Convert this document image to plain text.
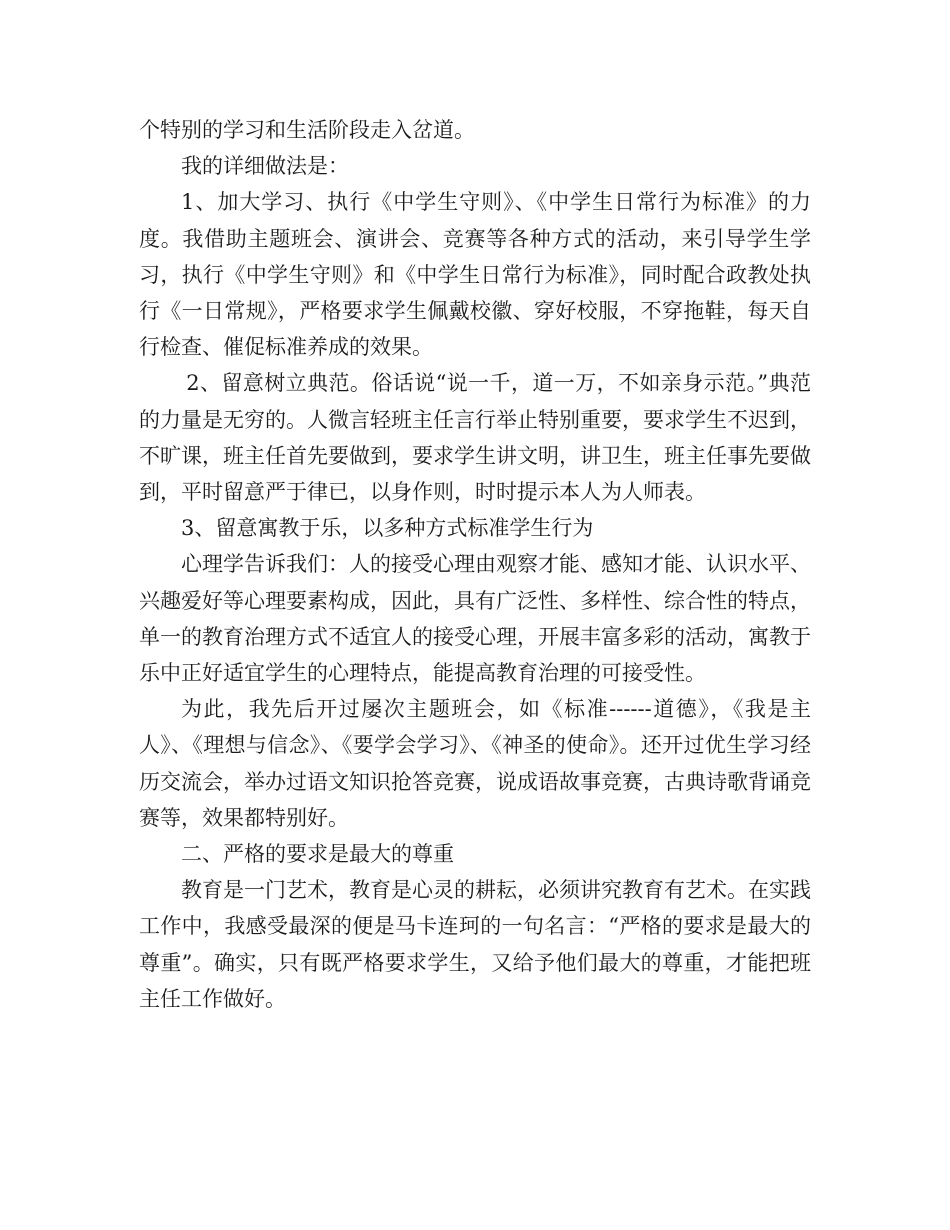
个特别的学习和生活阶段走入岔道。

我的详细做法是：

1、加大学习、执行《中学生守则》、《中学生日常行为标准》的力度。我借助主题班会、演讲会、竞赛等各种方式的活动，来引导学生学习，执行《中学生守则》和《中学生日常行为标准》，同时配合政教处执行《一日常规》，严格要求学生佩戴校徽、穿好校服，不穿拖鞋，每天自行检查、催促标准养成的效果。

2、留意树立典范。俗话说“说一千，道一万，不如亲身示范。”典范的力量是无穷的。人微言轻班主任言行举止特别重要，要求学生不迟到，不旷课，班主任首先要做到，要求学生讲文明，讲卫生，班主任事先要做到，平时留意严于律已，以身作则，时时提示本人为人师表。

3、留意寓教于乐，以多种方式标准学生行为

心理学告诉我们：人的接受心理由观察才能、感知才能、认识水平、兴趣爱好等心理要素构成，因此，具有广泛性、多样性、综合性的特点，单一的教育治理方式不适宜人的接受心理，开展丰富多彩的活动，寓教于乐中正好适宜学生的心理特点，能提高教育治理的可接受性。

为此，我先后开过屡次主题班会，如《标准------道德》，《我是主人》、《理想与信念》、《要学会学习》、《神圣的使命》。还开过优生学习经历交流会，举办过语文知识抢答竞赛，说成语故事竞赛，古典诗歌背诵竞赛等，效果都特别好。

二、严格的要求是最大的尊重

教育是一门艺术，教育是心灵的耕耘，必须讲究教育有艺术。在实践工作中，我感受最深的便是马卡连珂的一句名言：“严格的要求是最大的尊重”。确实，只有既严格要求学生，又给予他们最大的尊重，才能把班主任工作做好。
